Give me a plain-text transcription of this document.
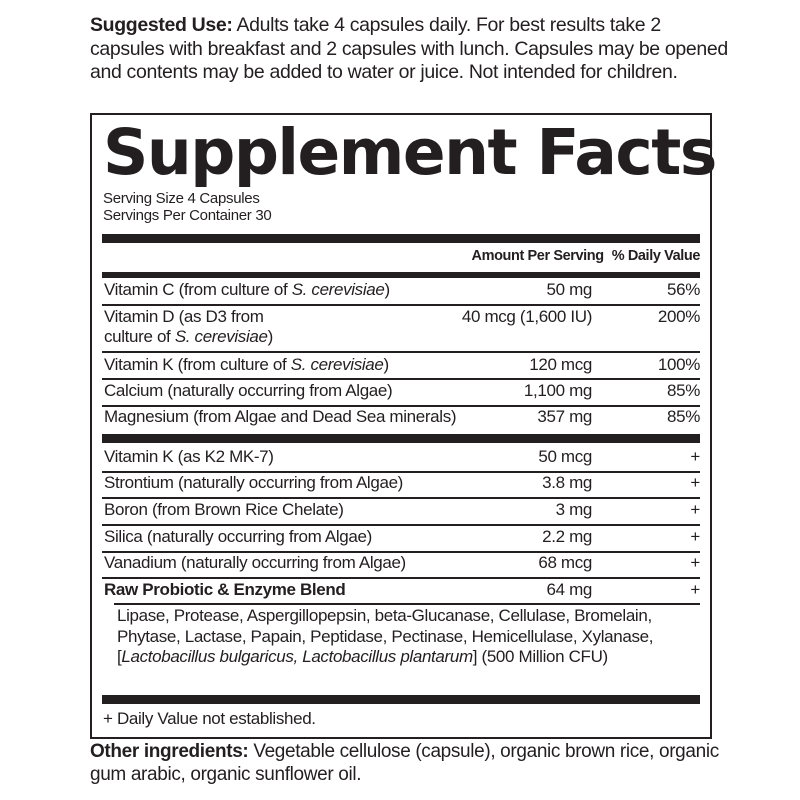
Suggested Use: Adults take 4 capsules daily. For best results take 2 capsules with breakfast and 2 capsules with lunch. Capsules may be opened and contents may be added to water or juice. Not intended for children.
Supplement Facts
Serving Size 4 Capsules
Servings Per Container 30
Amount Per Serving % Daily Value
Vitamin C (from culture of S. cerevisiae)	50 mg	56%
Vitamin D (as D3 from
culture of S. cerevisiae)
40 mcg (1,600 IU)	200%
Vitamin K (from culture of S. cerevisiae)	120 mcg	100%
Calcium (naturally occurring from Algae)	1,100 mg	85%
Magnesium (from Algae and Dead Sea minerals)	357 mg	85%
Vitamin K (as K2 MK-7)	50 mcg	+
Strontium (naturally occurring from Algae)	3.8 mg	+
Boron (from Brown Rice Chelate)	3 mg	+
Silica (naturally occurring from Algae)	2.2 mg	+
Vanadium (naturally occurring from Algae)	68 mcg	+
Raw Probiotic & Enzyme Blend	64 mg	+
Lipase, Protease, Aspergillopepsin, beta-Glucanase, Cellulase, Bromelain, Phytase, Lactase, Papain, Peptidase, Pectinase, Hemicellulase, Xylanase, [Lactobacillus bulgaricus, Lactobacillus plantarum] (500 Million CFU)
+ Daily Value not established.
Other ingredients: Vegetable cellulose (capsule), organic brown rice, organic gum arabic, organic sunflower oil.
